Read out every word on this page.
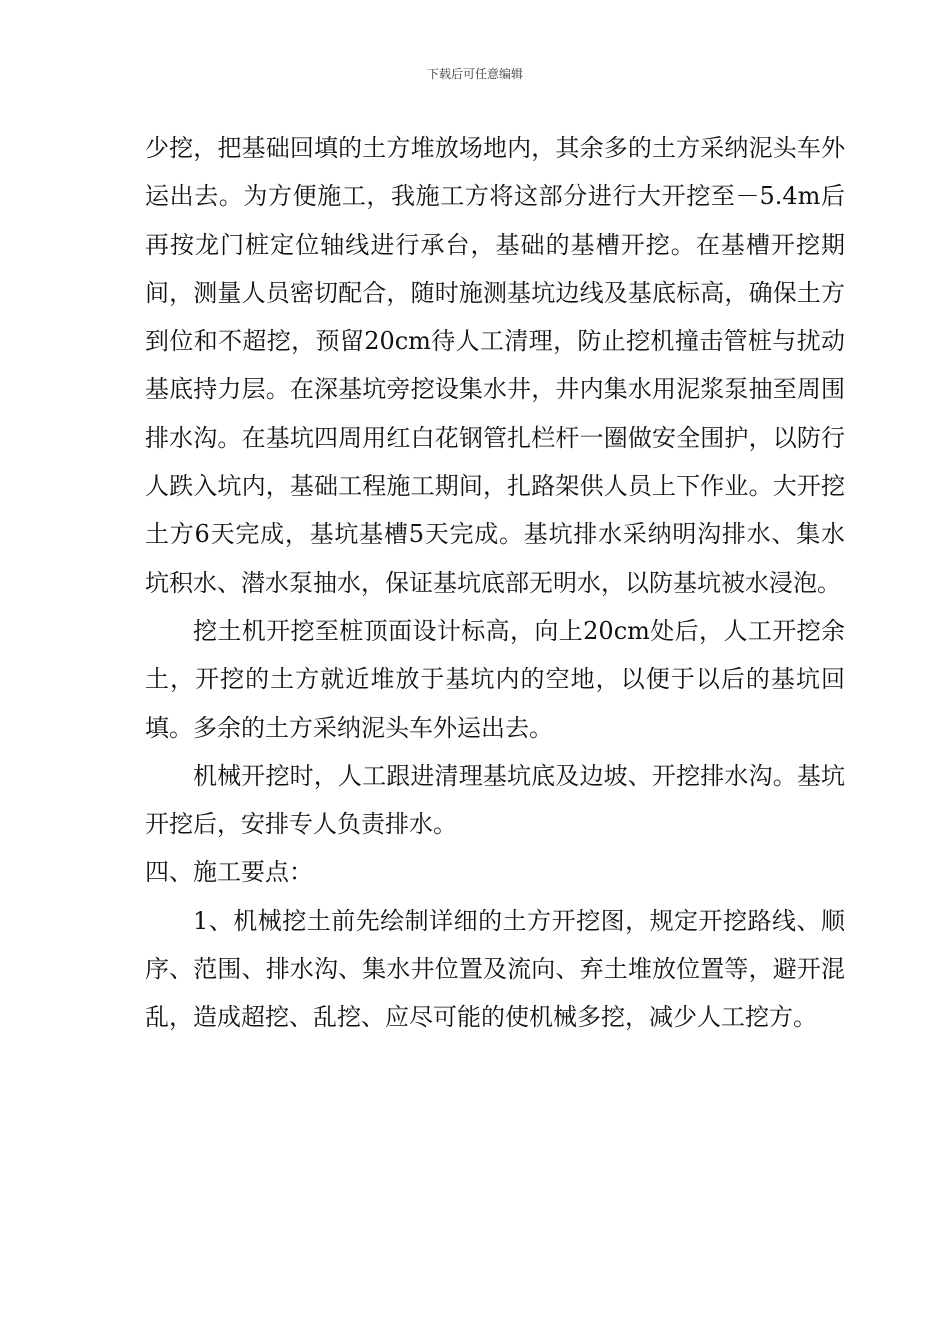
下载后可任意编辑

少挖，把基础回填的土方堆放场地内，其余多的土方采纳泥头车外运出去。为方便施工，我施工方将这部分进行大开挖至－5.4m后再按龙门桩定位轴线进行承台，基础的基槽开挖。在基槽开挖期间，测量人员密切配合，随时施测基坑边线及基底标高，确保土方到位和不超挖，预留20cm待人工清理，防止挖机撞击管桩与扰动基底持力层。在深基坑旁挖设集水井，井内集水用泥浆泵抽至周围排水沟。在基坑四周用红白花钢管扎栏杆一圈做安全围护，以防行人跌入坑内，基础工程施工期间，扎路架供人员上下作业。大开挖土方6天完成，基坑基槽5天完成。基坑排水采纳明沟排水、集水坑积水、潜水泵抽水，保证基坑底部无明水，以防基坑被水浸泡。

挖土机开挖至桩顶面设计标高，向上20cm处后，人工开挖余土，开挖的土方就近堆放于基坑内的空地，以便于以后的基坑回填。多余的土方采纳泥头车外运出去。

机械开挖时，人工跟进清理基坑底及边坡、开挖排水沟。基坑开挖后，安排专人负责排水。

四、施工要点：

1、机械挖土前先绘制详细的土方开挖图，规定开挖路线、顺序、范围、排水沟、集水井位置及流向、弃土堆放位置等，避开混乱，造成超挖、乱挖、应尽可能的使机械多挖，减少人工挖方。
